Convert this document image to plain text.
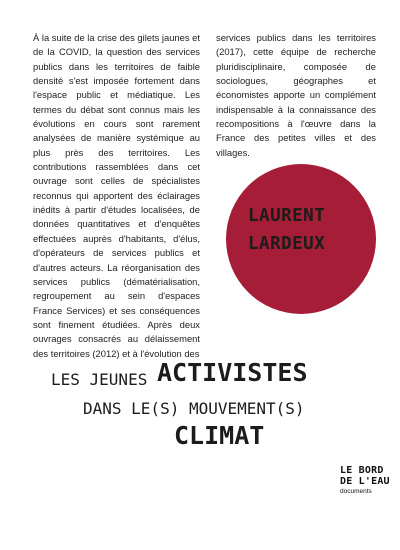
À la suite de la crise des gilets jaunes et de la COVID, la question des services publics dans les territoires de faible densité s'est imposée fortement dans l'espace public et médiatique. Les termes du débat sont connus mais les évolutions en cours sont rarement analysées de manière systémique au plus près des territoires. Les contributions rassemblées dans cet ouvrage sont celles de spécialistes reconnus qui apportent des éclairages inédits à partir d'études localisées, de données quantitatives et d'enquêtes effectuées auprès d'habitants, d'élus, d'opérateurs de services publics et d'autres acteurs. La réorganisation des services publics (dématérialisation, regroupement au sein d'espaces France Services) et ses conséquences sont finement étudiées. Après deux ouvrages consacrés au délaissement des territoires (2012) et à l'évolution des

services publics dans les territoires (2017), cette équipe de recherche pluridisciplinaire, composée de sociologues, géographes et économistes apporte un complément indispensable à la connaissance des recompositions à l'œuvre dans la France des petites villes et des villages.

LAURENT
LARDEUX
LES JEUNES ACTIVISTES
DANS LE(S) MOUVEMENT(S)
CLIMAT
LE BORD
DE L'EAU
documents
